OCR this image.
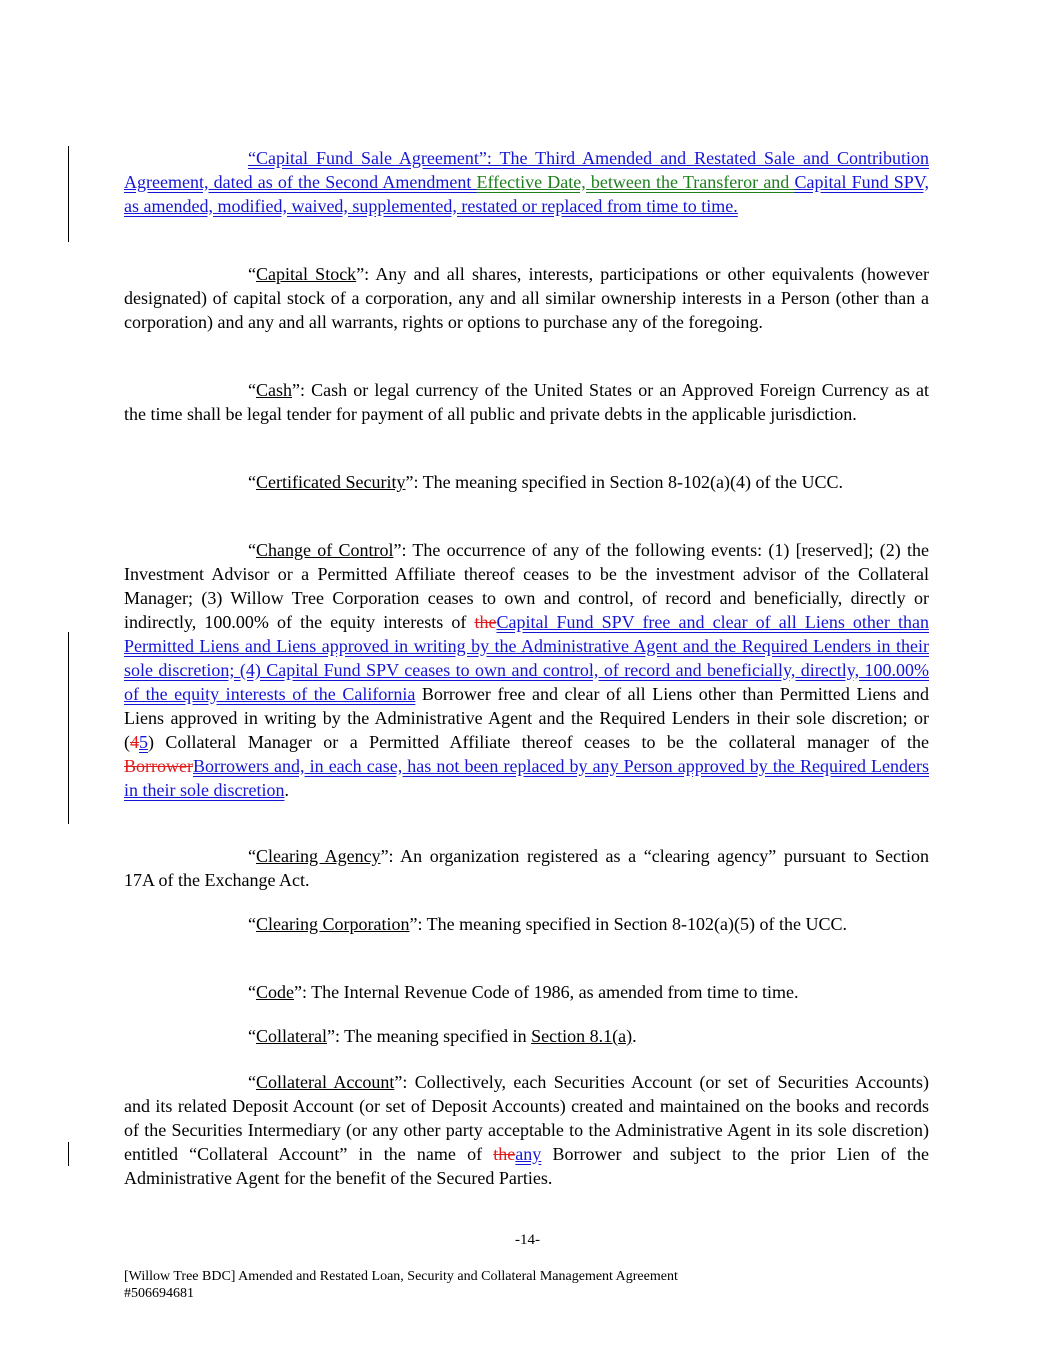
“Capital Fund Sale Agreement”: The Third Amended and Restated Sale and Contribution Agreement, dated as of the Second Amendment Effective Date, between the Transferor and Capital Fund SPV, as amended, modified, waived, supplemented, restated or replaced from time to time.

“Capital Stock”: Any and all shares, interests, participations or other equivalents (however designated) of capital stock of a corporation, any and all similar ownership interests in a Person (other than a corporation) and any and all warrants, rights or options to purchase any of the foregoing.

“Cash”: Cash or legal currency of the United States or an Approved Foreign Currency as at the time shall be legal tender for payment of all public and private debts in the applicable jurisdiction.

“Certificated Security”: The meaning specified in Section 8-102(a)(4) of the UCC.

“Change of Control”: The occurrence of any of the following events: (1) [reserved]; (2) the Investment Advisor or a Permitted Affiliate thereof ceases to be the investment advisor of the Collateral Manager; (3) Willow Tree Corporation ceases to own and control, of record and beneficially, directly or indirectly, 100.00% of the equity interests of theCapital Fund SPV free and clear of all Liens other than Permitted Liens and Liens approved in writing by the Administrative Agent and the Required Lenders in their sole discretion; (4) Capital Fund SPV ceases to own and control, of record and beneficially, directly, 100.00% of the equity interests of the California Borrower free and clear of all Liens other than Permitted Liens and Liens approved in writing by the Administrative Agent and the Required Lenders in their sole discretion; or (45) Collateral Manager or a Permitted Affiliate thereof ceases to be the collateral manager of the BorrowerBorrowers and, in each case, has not been replaced by any Person approved by the Required Lenders in their sole discretion.

“Clearing Agency”: An organization registered as a “clearing agency” pursuant to Section 17A of the Exchange Act.

“Clearing Corporation”: The meaning specified in Section 8-102(a)(5) of the UCC.

“Code”: The Internal Revenue Code of 1986, as amended from time to time.

“Collateral”: The meaning specified in Section 8.1(a).

“Collateral Account”: Collectively, each Securities Account (or set of Securities Accounts) and its related Deposit Account (or set of Deposit Accounts) created and maintained on the books and records of the Securities Intermediary (or any other party acceptable to the Administrative Agent in its sole discretion) entitled “Collateral Account” in the name of theany Borrower and subject to the prior Lien of the Administrative Agent for the benefit of the Secured Parties.

-14-
[Willow Tree BDC] Amended and Restated Loan, Security and Collateral Management Agreement
#506694681
